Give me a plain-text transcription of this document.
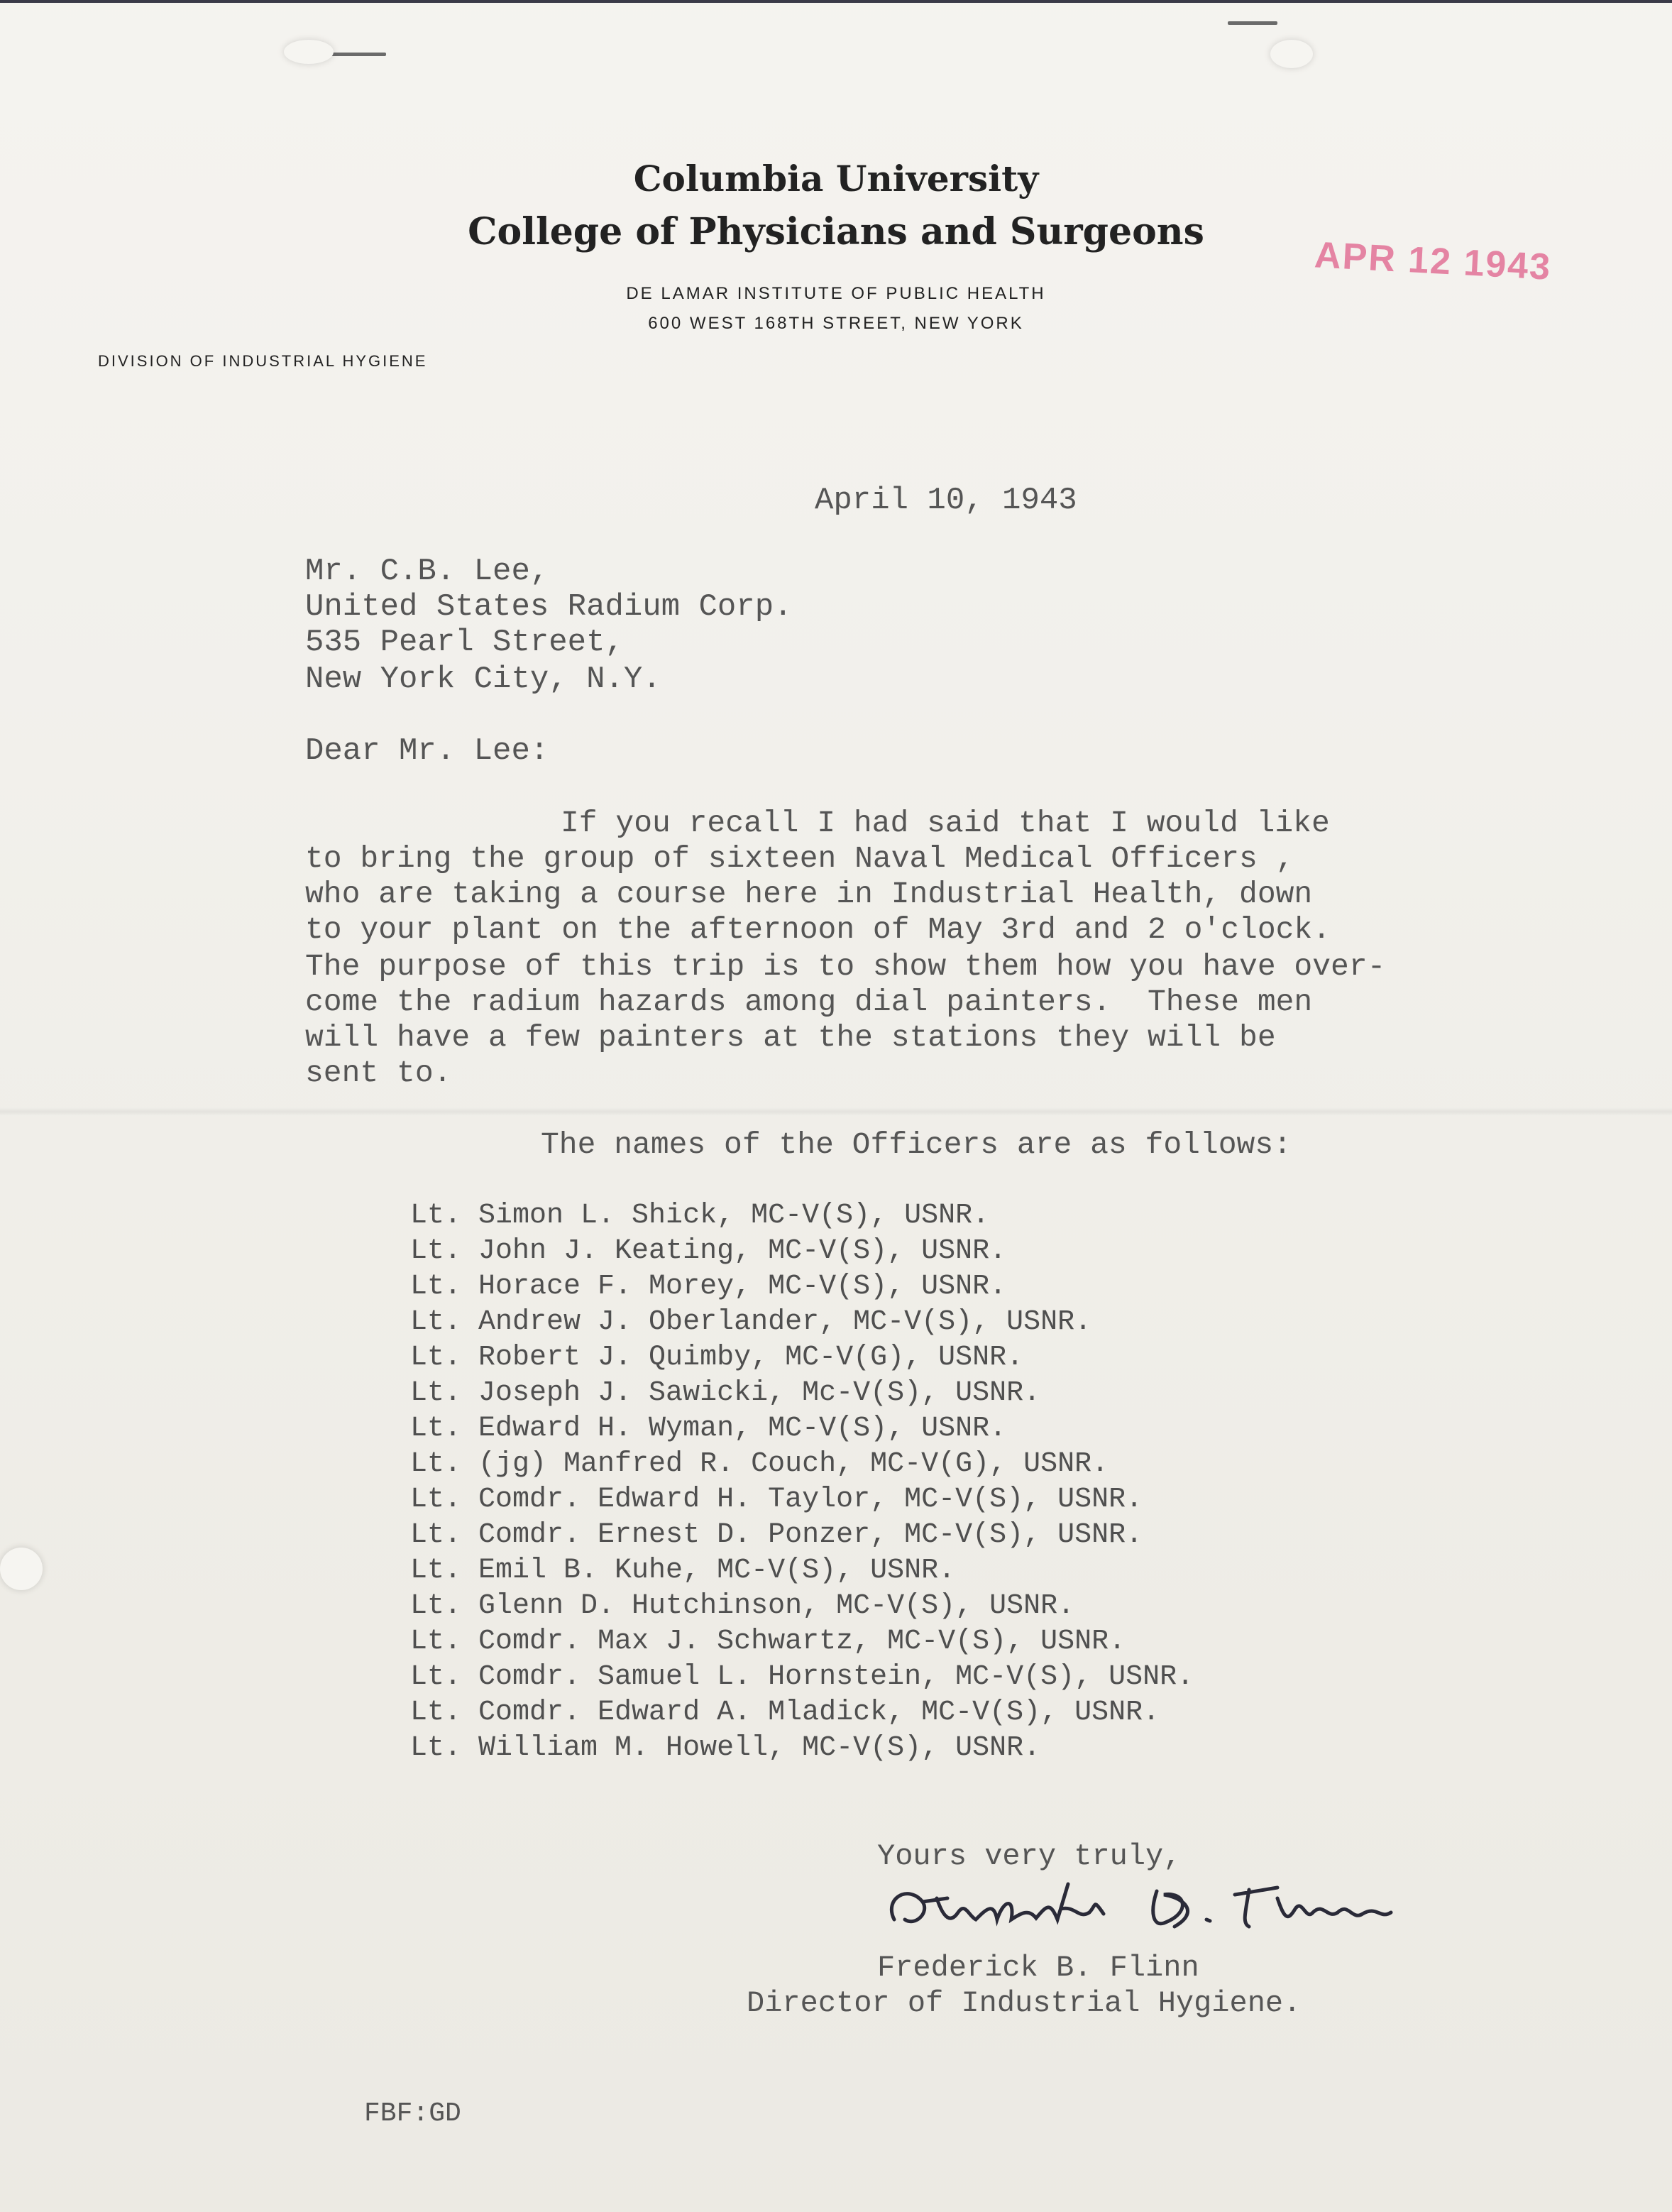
Columbia University
College of Physicians and Surgeons
DE LAMAR INSTITUTE OF PUBLIC HEALTH
600 WEST 168TH STREET, NEW YORK
DIVISION OF INDUSTRIAL HYGIENE
APR 12 1943
April 10, 1943
Mr. C.B. Lee,
United States Radium Corp.
535 Pearl Street,
New York City, N.Y.
Dear Mr. Lee:
If you recall I had said that I would like
to bring the group of sixteen Naval Medical Officers ,
who are taking a course here in Industrial Health, down
to your plant on the afternoon of May 3rd and 2 o'clock.
The purpose of this trip is to show them how you have over-
come the radium hazards among dial painters.  These men
will have a few painters at the stations they will be
sent to.
The names of the Officers are as follows:
Lt. Simon L. Shick, MC-V(S), USNR.
Lt. John J. Keating, MC-V(S), USNR.
Lt. Horace F. Morey, MC-V(S), USNR.
Lt. Andrew J. Oberlander, MC-V(S), USNR.
Lt. Robert J. Quimby, MC-V(G), USNR.
Lt. Joseph J. Sawicki, Mc-V(S), USNR.
Lt. Edward H. Wyman, MC-V(S), USNR.
Lt. (jg) Manfred R. Couch, MC-V(G), USNR.
Lt. Comdr. Edward H. Taylor, MC-V(S), USNR.
Lt. Comdr. Ernest D. Ponzer, MC-V(S), USNR.
Lt. Emil B. Kuhe, MC-V(S), USNR.
Lt. Glenn D. Hutchinson, MC-V(S), USNR.
Lt. Comdr. Max J. Schwartz, MC-V(S), USNR.
Lt. Comdr. Samuel L. Hornstein, MC-V(S), USNR.
Lt. Comdr. Edward A. Mladick, MC-V(S), USNR.
Lt. William M. Howell, MC-V(S), USNR.
Yours very truly,
Frederick B. Flinn
Director of Industrial Hygiene.
FBF:GD
